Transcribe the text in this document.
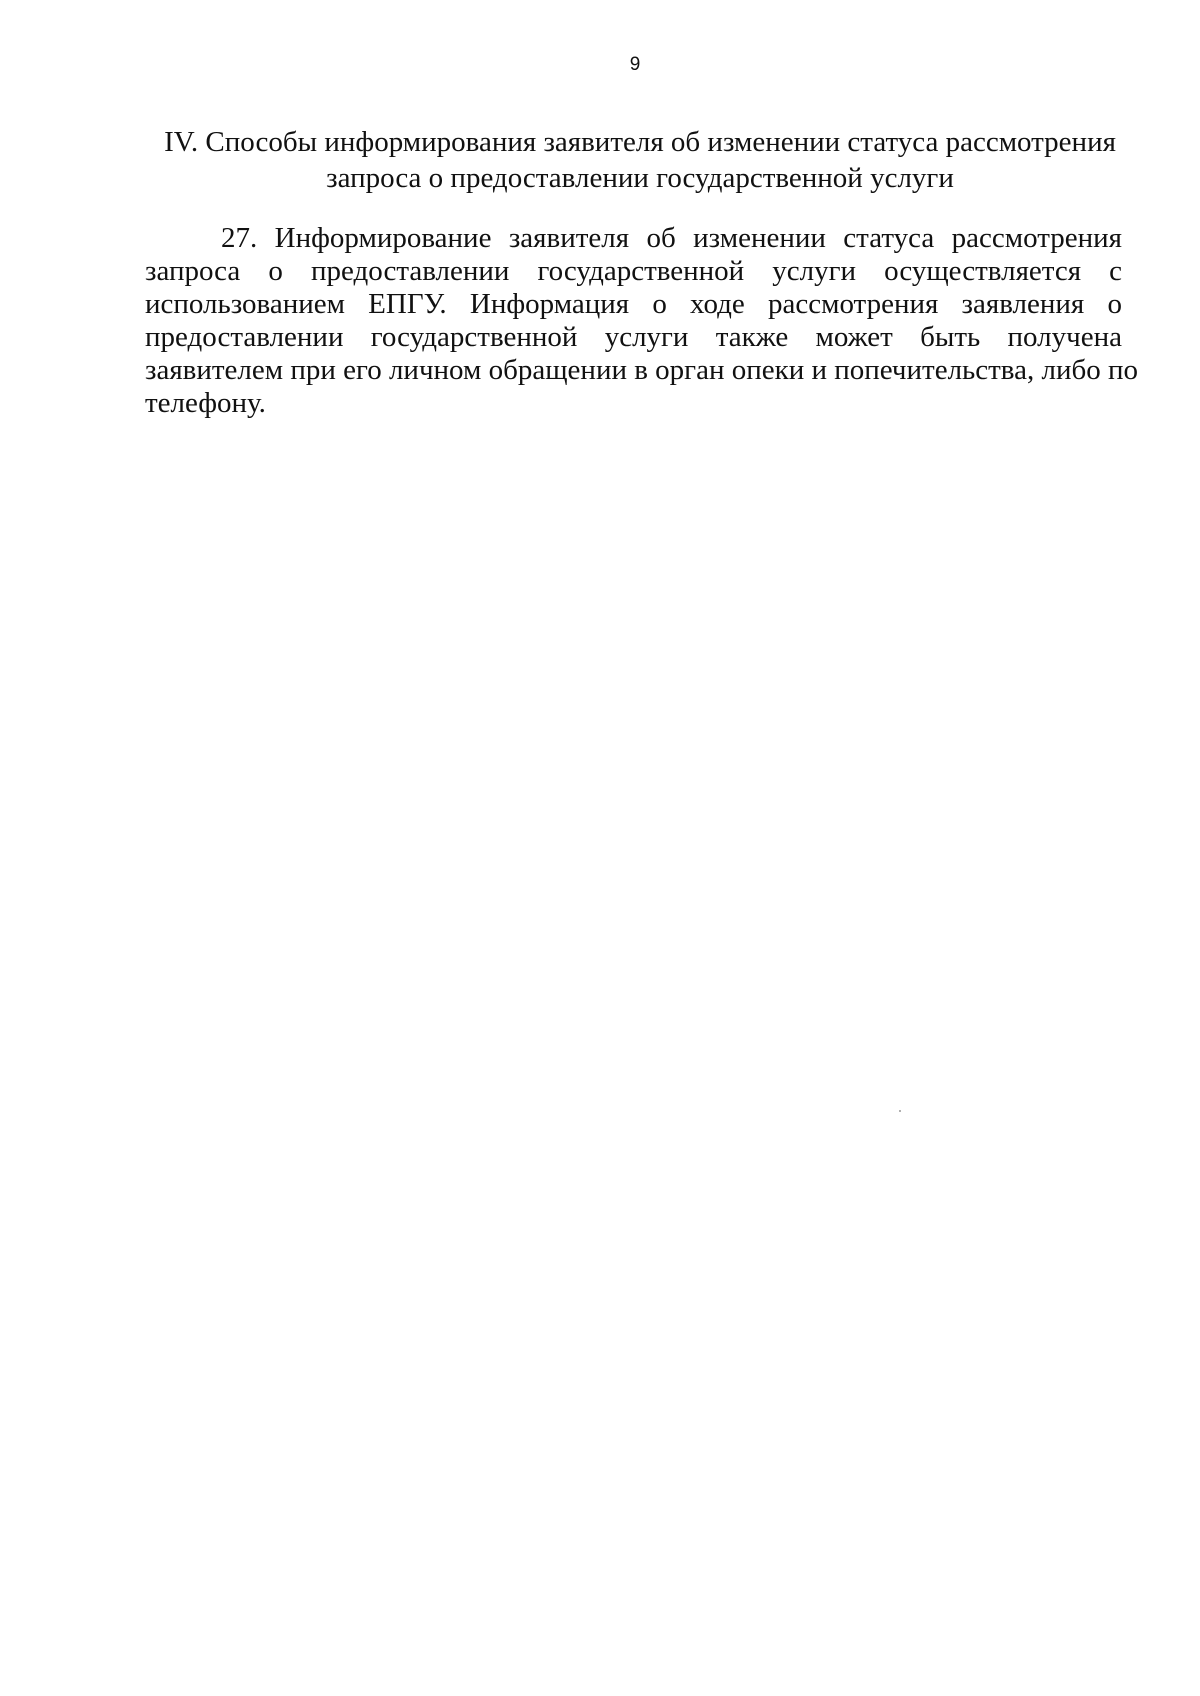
9
IV. Способы информирования заявителя об изменении статуса рассмотрения
запроса о предоставлении государственной услуги
27. Информирование заявителя об изменении статуса рассмотрения
запроса о предоставлении государственной услуги осуществляется с
использованием ЕПГУ. Информация о ходе рассмотрения заявления о
предоставлении государственной услуги также может быть получена
заявителем при его личном обращении в орган опеки и попечительства, либо по
телефону.
